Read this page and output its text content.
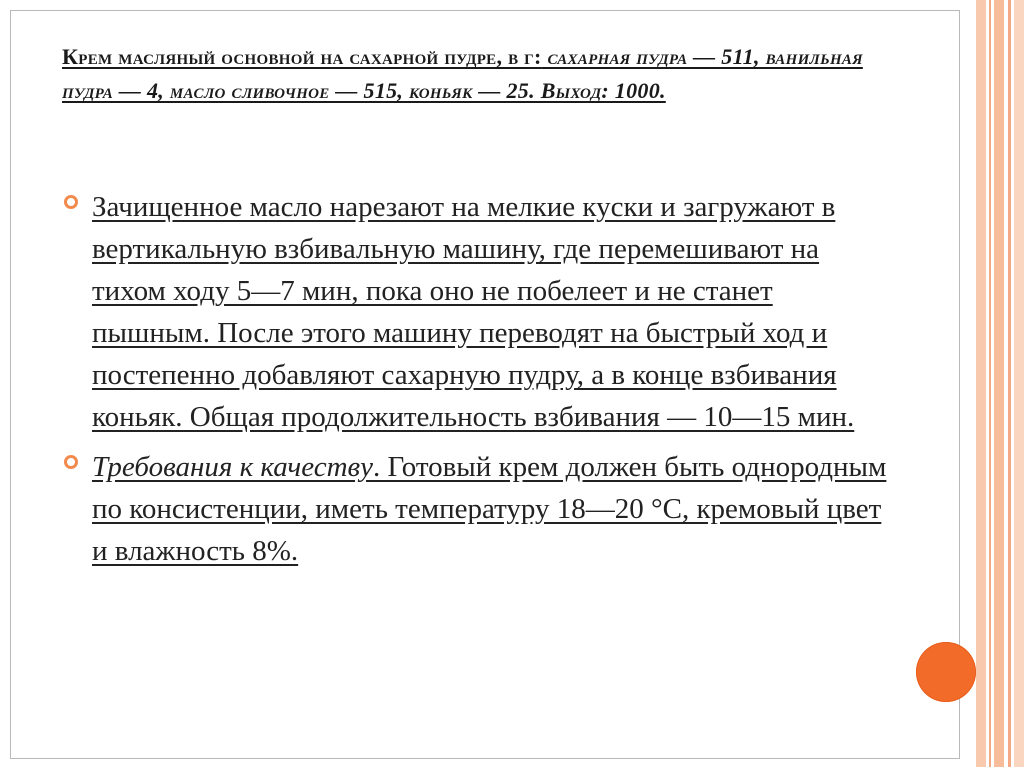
Крем масляный основной на сахарной пудре, в г: сахарная пудра — 511, ванильная пудра — 4, масло сливочное — 515, коньяк — 25. Выход: 1000.
Зачищенное масло нарезают на мелкие куски и загружают в вертикальную взбивальную машину, где перемешивают на тихом ходу 5—7 мин, пока оно не побелеет и не станет пышным. После этого машину переводят на быстрый ход и постепенно добавляют сахарную пудру, а в конце взбивания коньяк. Общая продолжительность взбивания — 10—15 мин.
Требования к качеству. Готовый крем должен быть однородным по консистенции, иметь температуру 18—20 °С, кремовый цвет и влажность 8%.
